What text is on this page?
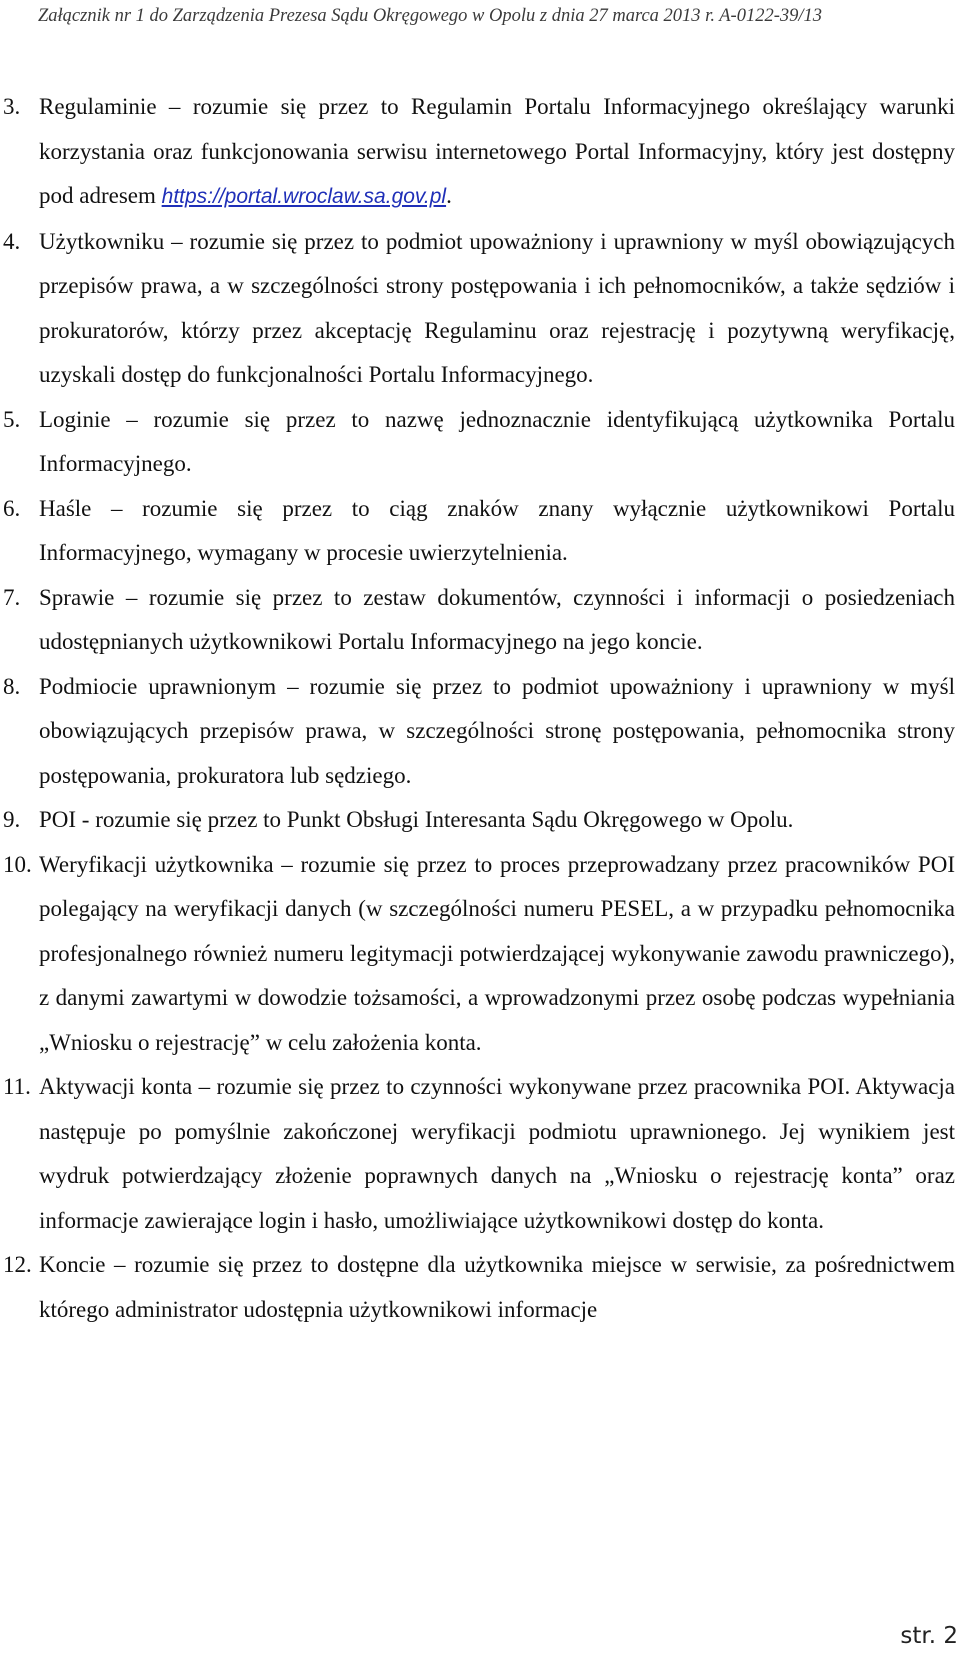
Załącznik nr 1 do Zarządzenia Prezesa Sądu Okręgowego w Opolu z dnia 27 marca 2013 r. A-0122-39/13
3. Regulaminie – rozumie się przez to Regulamin Portalu Informacyjnego określający warunki korzystania oraz funkcjonowania serwisu internetowego Portal Informacyjny, który jest dostępny pod adresem https://portal.wroclaw.sa.gov.pl.
4. Użytkowniku – rozumie się przez to podmiot upoważniony i uprawniony w myśl obowiązujących przepisów prawa, a w szczególności strony postępowania i ich pełnomocników, a także sędziów i prokuratorów, którzy przez akceptację Regulaminu oraz rejestrację i pozytywną weryfikację, uzyskali dostęp do funkcjonalności Portalu Informacyjnego.
5. Loginie – rozumie się przez to nazwę jednoznacznie identyfikującą użytkownika Portalu Informacyjnego.
6. Haśle – rozumie się przez to ciąg znaków znany wyłącznie użytkownikowi Portalu Informacyjnego, wymagany w procesie uwierzytelnienia.
7. Sprawie – rozumie się przez to zestaw dokumentów, czynności i informacji o posiedzeniach udostępnianych użytkownikowi Portalu Informacyjnego na jego koncie.
8. Podmiocie uprawnionym – rozumie się przez to podmiot upoważniony i uprawniony w myśl obowiązujących przepisów prawa, w szczególności stronę postępowania, pełnomocnika strony postępowania, prokuratora lub sędziego.
9. POI - rozumie się przez to Punkt Obsługi Interesanta Sądu Okręgowego w Opolu.
10. Weryfikacji użytkownika – rozumie się przez to proces przeprowadzany przez pracowników POI polegający na weryfikacji danych (w szczególności numeru PESEL, a w przypadku pełnomocnika profesjonalnego również numeru legitymacji potwierdzającej wykonywanie zawodu prawniczego), z danymi zawartymi w dowodzie tożsamości, a wprowadzonymi przez osobę podczas wypełniania „Wniosku o rejestrację” w celu założenia konta.
11. Aktywacji konta – rozumie się przez to czynności wykonywane przez pracownika POI. Aktywacja następuje po pomyślnie zakończonej weryfikacji podmiotu uprawnionego. Jej wynikiem jest wydruk potwierdzający złożenie poprawnych danych na „Wniosku o rejestrację konta” oraz informacje zawierające login i hasło, umożliwiające użytkownikowi dostęp do konta.
12. Koncie – rozumie się przez to dostępne dla użytkownika miejsce w serwisie, za pośrednictwem którego administrator udostępnia użytkownikowi informacje
str. 2
